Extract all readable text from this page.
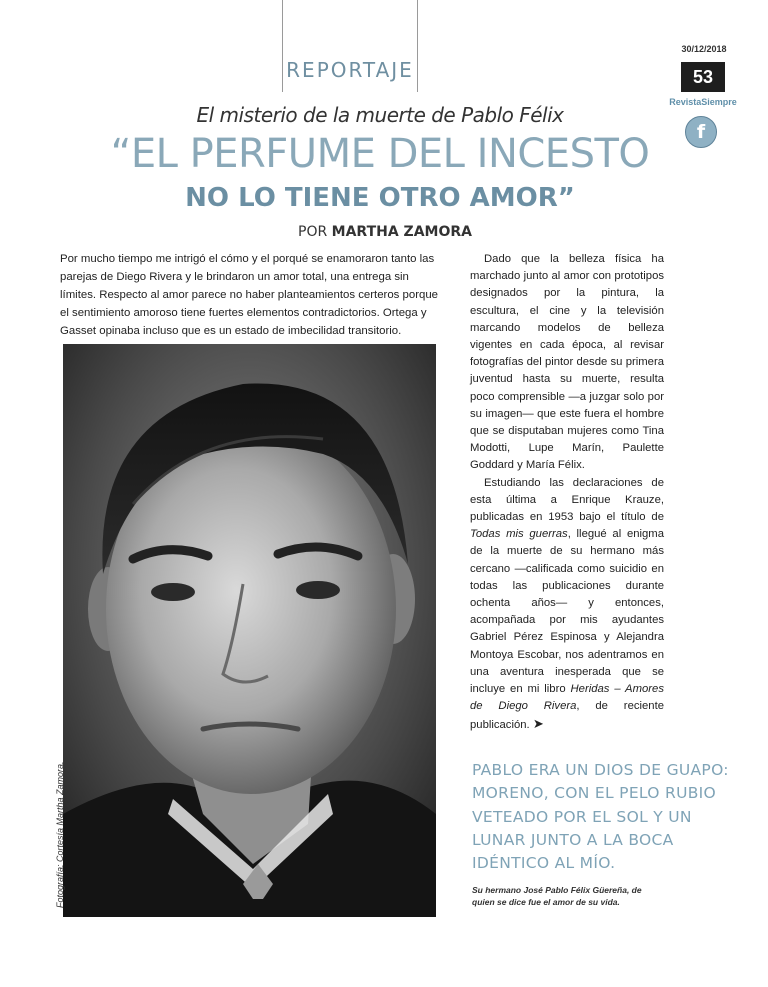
REPORTAJE
30/12/2018
53
RevistaSiempre
f
El misterio de la muerte de Pablo Félix
“EL PERFUME DEL INCESTO
NO LO TIENE OTRO AMOR”
POR MARTHA ZAMORA
Por mucho tiempo me intrigó el cómo y el porqué se enamoraron tanto las parejas de Diego Rivera y le brindaron un amor total, una entrega sin límites. Respecto al amor parece no haber planteamientos certeros porque el sentimiento amoroso tiene fuertes elementos contradictorios. Ortega y Gasset opinaba incluso que es un estado de imbecilidad transitorio.
Fotografía: Cortesía Martha Zamora.

Dado que la belleza física ha marchado junto al amor con prototipos designados por la pintura, la escultura, el cine y la televisión marcando modelos de belleza vigentes en cada época, al revisar fotografías del pintor desde su primera juventud hasta su muerte, resulta poco comprensible —a juzgar solo por su imagen— que este fuera el hombre que se disputaban mujeres como Tina Modotti, Lupe Marín, Paulette Goddard y María Félix.

Estudiando las declaraciones de esta última a Enrique Krauze, publicadas en 1953 bajo el título de Todas mis guerras, llegué al enigma de la muerte de su hermano más cercano —calificada como suicidio en todas las publicaciones durante ochenta años— y entonces, acompañada por mis ayudantes Gabriel Pérez Espinosa y Alejandra Montoya Escobar, nos adentramos en una aventura inesperada que se incluye en mi libro Heridas – Amores de Diego Rivera, de reciente publicación. ➤

PABLO ERA UN DIOS DE GUAPO: MORENO, CON EL PELO RUBIO VETEADO POR EL SOL Y UN LUNAR JUNTO A LA BOCA IDÉNTICO AL MÍO.
Su hermano José Pablo Félix Güereña, de quien se dice fue el amor de su vida.
